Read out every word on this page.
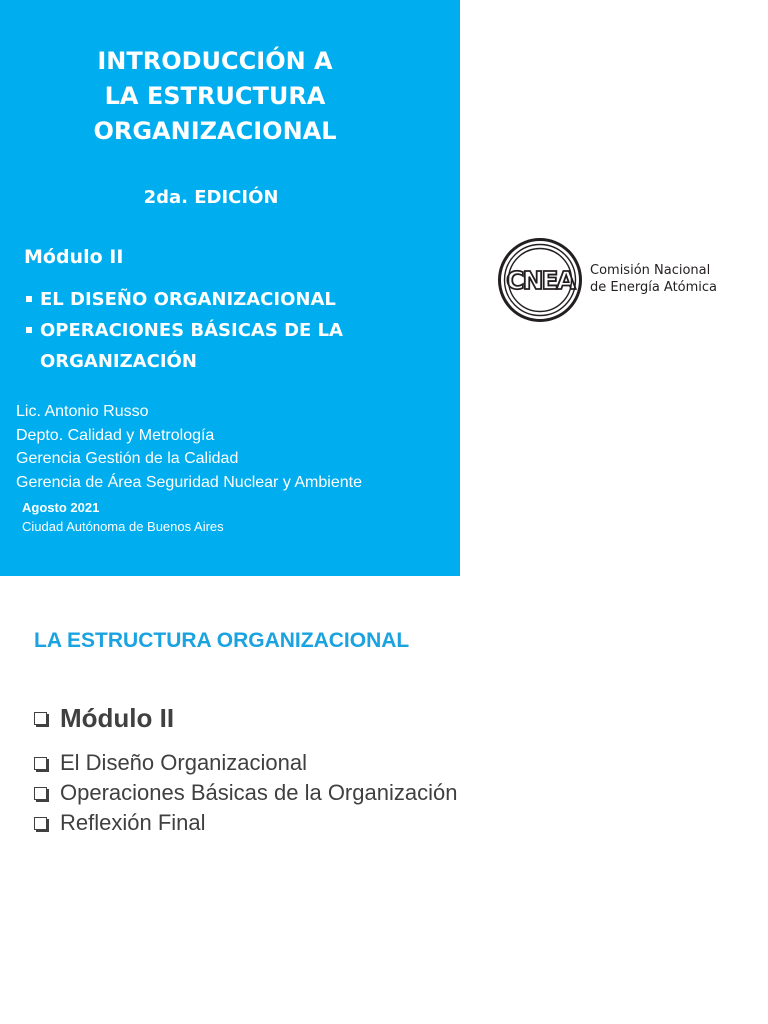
INTRODUCCIÓN A
LA ESTRUCTURA
ORGANIZACIONAL
2da. EDICIÓN
Módulo II
EL DISEÑO ORGANIZACIONAL
OPERACIONES BÁSICAS DE LA ORGANIZACIÓN
Lic. Antonio Russo
Depto. Calidad y Metrología
Gerencia Gestión de la Calidad
Gerencia de Área Seguridad Nuclear y Ambiente
Agosto 2021
Ciudad Autónoma de Buenos Aires
CNEA Comisión Nacional
de Energía Atómica
LA ESTRUCTURA ORGANIZACIONAL
Módulo II
El Diseño Organizacional
Operaciones Básicas de la Organización
Reflexión Final
